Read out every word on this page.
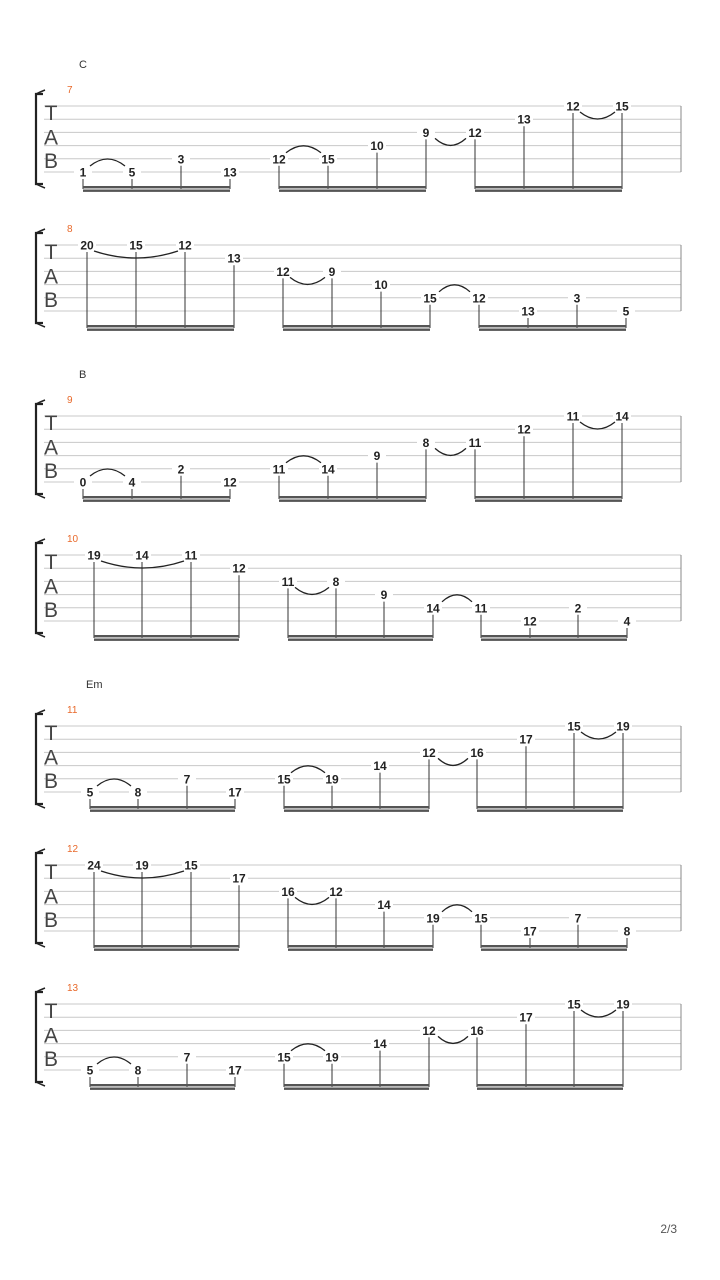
T
A
B
7
C
1	5
3
13
12	15
10
9	12
13
12	15
T
A
B
8
20	15	12
13
12	9
10
15	12
13
3
5
T
A
B
9
B
0	4
2
12
11	14
9
8	11
12
11	14
T
A
B
10
19	14	11
12
11	8
9
14	11
12
2
4
T
A
B
11
Em
5	8
7
17
15	19
14
12	16
17
15	19
T
A
B
12
24	19	15
17
16	12
14
19	15
17
7
8
T
A
B
13
5	8
7
17
15	19
14
12	16
17
15	19
2/3
